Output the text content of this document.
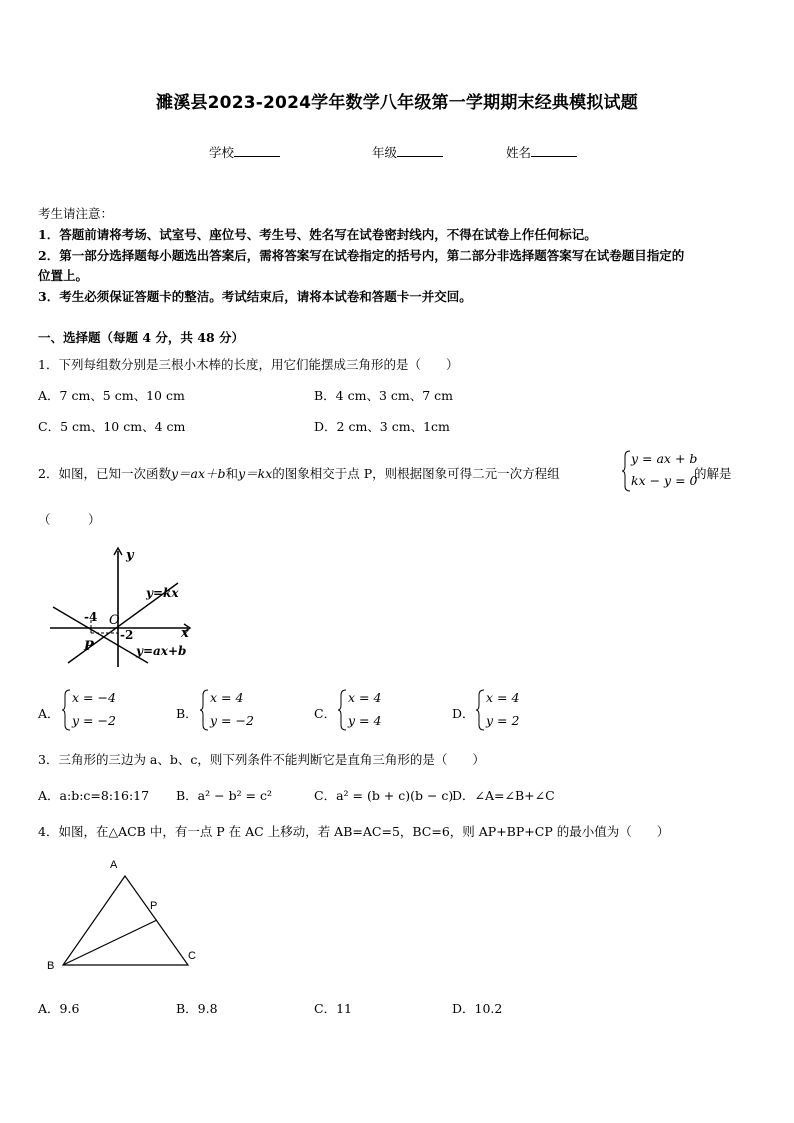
濉溪县2023-2024学年数学八年级第一学期期末经典模拟试题
学校	年级	姓名
考生请注意：
1．答题前请将考场、试室号、座位号、考生号、姓名写在试卷密封线内，不得在试卷上作任何标记。
2．第一部分选择题每小题选出答案后，需将答案写在试卷指定的括号内，第二部分非选择题答案写在试卷题目指定的
位置上。
3．考生必须保证答题卡的整洁。考试结束后，请将本试卷和答题卡一并交回。
一、选择题（每题 4 分，共 48 分）
1．下列每组数分别是三根小木棒的长度，用它们能摆成三角形的是（　　）
A．7 cm、5 cm、10 cm	B．4 cm、3 cm、7 cm
C．5 cm、10 cm、4 cm	D．2 cm、3 cm、1cm
2．如图，已知一次函数y＝ax＋b和y＝kx的图象相交于点 P，则根据图象可得二元一次方程组
y = ax + b
kx − y = 0
的解是
（　　　）
y
x
O
y=kx
y=ax+b
-4
-2
P
A．
x = −4
y = −2	B．
x = 4
y = −2	C．
x = 4
y = 4	D．
x = 4
y = 2
3．三角形的三边为 a、b、c，则下列条件不能判断它是直角三角形的是（　　）
A．a:b:c=8:16:17 B．a² − b² = c²	C．a² = (b + c)(b − c)
D．∠A=∠B+∠C
4．如图，在△ACB 中，有一点 P 在 AC 上移动，若 AB=AC=5，BC=6，则 AP+BP+CP 的最小值为（　　）
A
B
C
P
A．9.6	B．9.8	C．11	D．10.2
